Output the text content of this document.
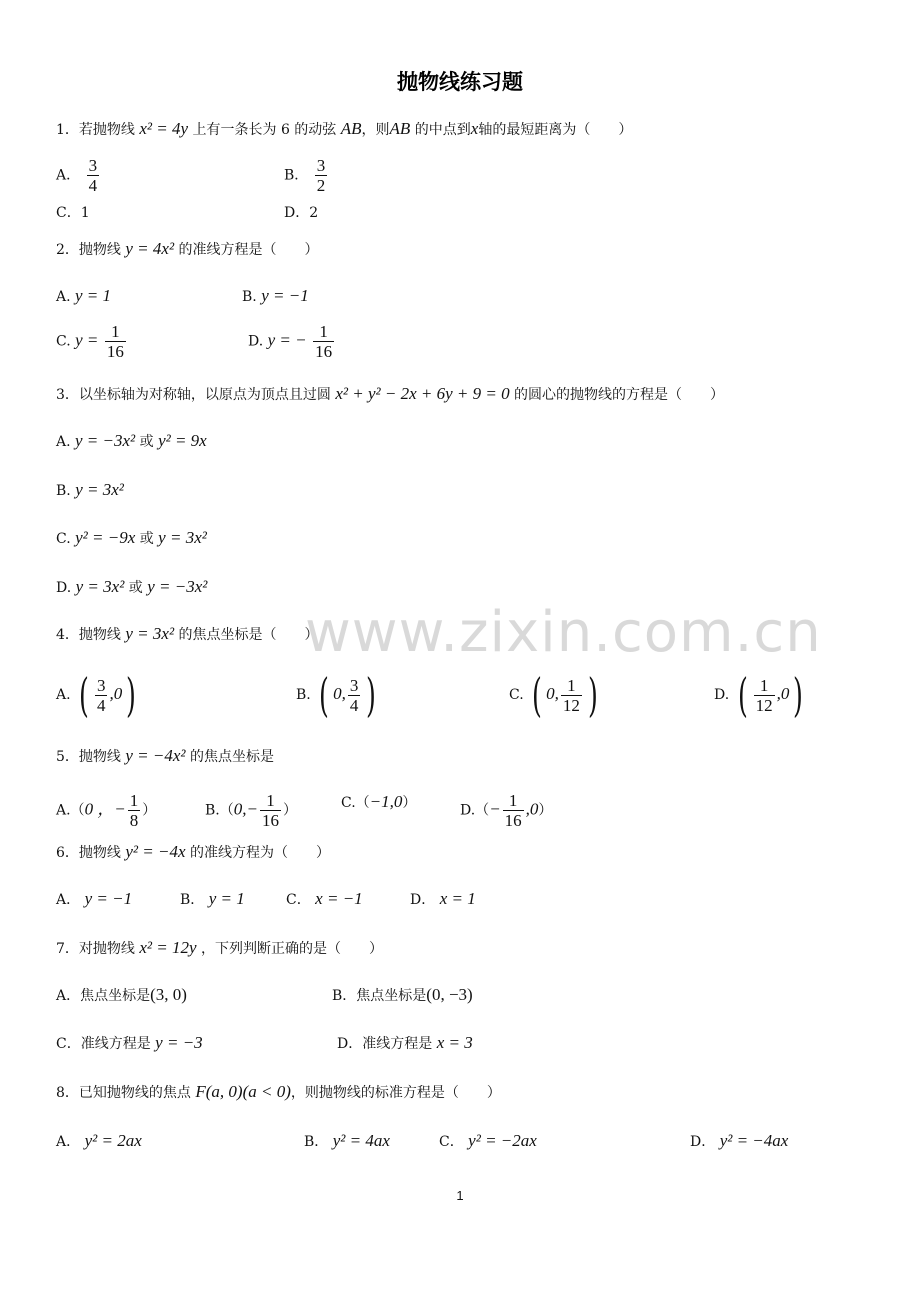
www.zixin.com.cn
抛物线练习题
1．若抛物线 x² = 4y 上有一条长为 6 的动弦 AB，则AB 的中点到x轴的最短距离为（　　）
A． $\frac{3}{4}$	B． $\frac{3}{2}$
C．1	D．2
2．抛物线 y = 4x² 的准线方程是（　　）
A. y = 1	B. y = −1
C. $y = \frac{1}{16}$	D. y = − $\frac{1}{16}$
3．以坐标轴为对称轴，以原点为顶点且过圆 x² + y² − 2x + 6y + 9 = 0 的圆心的抛物线的方程是（　　）
A. y = −3x² 或 y² = 9x
B. y = 3x²
C. y² = −9x 或 y = 3x²
D. y = 3x² 或 y = −3x²
4．抛物线 y = 3x² 的焦点坐标是（　　）
A. ( $\frac{3}{4} ,0$)	B. ( 0, $\frac{3}{4}$ )	C. ( 0, $\frac{1}{12}$ )	D. ( $\frac{1}{12} ,0$)
5．抛物线 y = −4x² 的焦点坐标是
A.（0 ，− $\frac{1}{8}$ ）	$B.(0,- \frac{1}{16}$ ）	C.（−1,0）	$D.(- \frac{1}{16} ,0)$
6．抛物线 y² = −4x 的准线方程为（　　）
A． y = −1	B． y = 1	C． x = −1	D． x = 1
7．对抛物线 x² = 12y ，下列判断正确的是（　　）
A．焦点坐标是(3, 0)	B．焦点坐标是(0, −3)
C．准线方程是 y = −3	D．准线方程是 x = 3
8．已知抛物线的焦点 F(a, 0)(a < 0)，则抛物线的标准方程是（　　）
A． y² = 2ax	B． y² = 4ax	C． y² = −2ax	D． y² = −4ax
1
